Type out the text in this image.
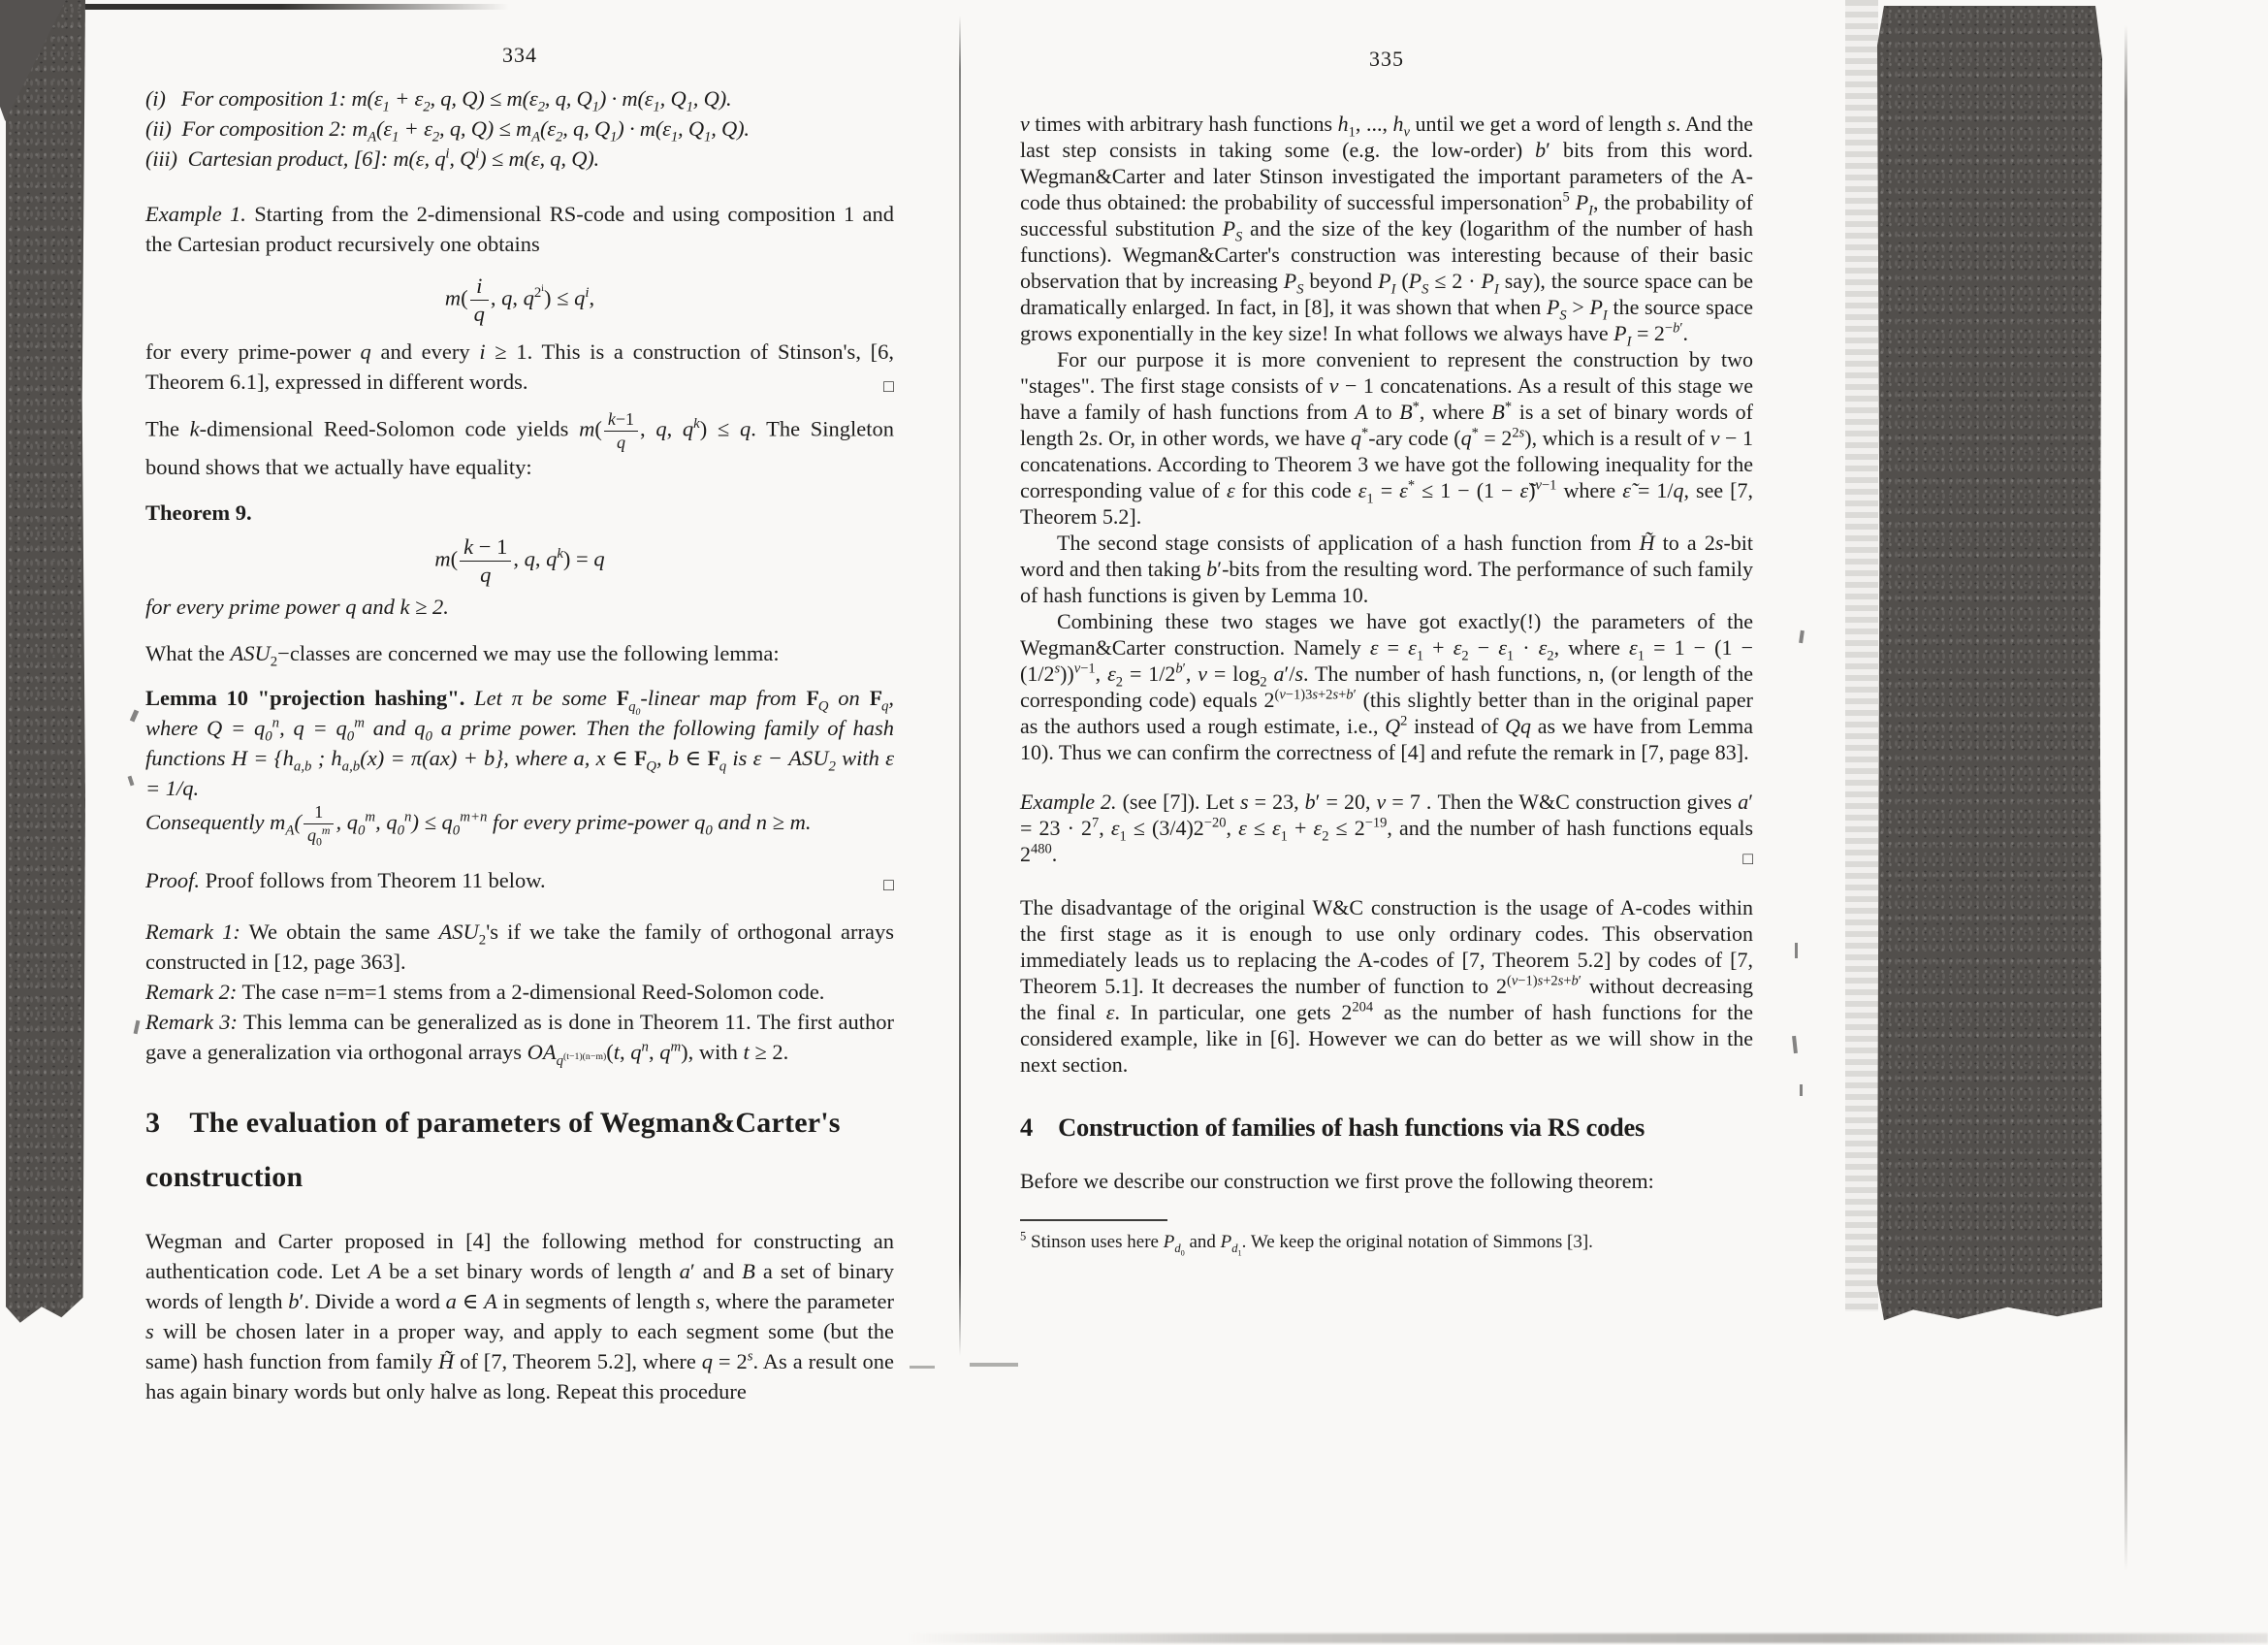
334	335
(i)   For composition 1: $m(\varepsilon_1 + \varepsilon_2$, q, $Q) \le m(\varepsilon_2$, q, $Q_1) \cdot m(\varepsilon_1$, $Q_1$, Q).
(ii)  For composition 2: $m_A(\varepsilon_1 + \varepsilon_2$, q, $Q) \le m_A(\varepsilon_2$, q, $Q_1) \cdot m(\varepsilon_1$, $Q_1$, Q).
(iii)  Cartesian product, [6]: m(ε, $q^i$, $Q^i) \le m(\varepsilon$, q, Q).
Example 1. Starting from the 2-dimensional RS-code and using composition 1 and the Cartesian product recursively one obtains
$m( \frac{i}{q}$ , q, $q^{2^i}) \le q^i$,
for every prime-power q and every i ≥ 1. This is a construction of Stinson's, [6, Theorem 6.1], expressed in different words.	□
The k-dimensional Reed-Solomon code yields $m( \frac{k-1}{q}$ , q, $q^k) \le q$. The Singleton bound shows that we actually have equality:
Theorem 9.
$m( \frac{k - 1}{q}$ , q, $q^k) = q$
for every prime power q and k ≥ 2.
What the $ASU_2-classes$ are concerned we may use the following lemma:
Lemma 10 "projection hashing". Let π be some $F_{q_0}$-linear map from $F_Q$ on $F_q$, where $Q = q_0^n$, $q = q_0^m$ and $q_0$ a prime power. Then the following family of hash functions $H = \{h_{a,b}$ ; $h_{a,b}(x) = \pi(ax) + b$}, where a, x ∈ $F_Q$, b ∈ $F_q$ is $\varepsilon - ASU_2$ with ε = 1/q.
Consequently $m_A( \frac{1}{q_0^m}$ , $q_0^m$, $q_0^n) \le q_0^{m+n}$ for every prime-power $q_0$ and n ≥ m.
Proof. Proof follows from Theorem 11 below.	□
Remark 1: We obtain the same $ASU_2's$ if we take the family of orthogonal arrays constructed in [12, page 363].
Remark 2: The case n=m=1 stems from a 2-dimensional Reed-Solomon code.
Remark 3: This lemma can be generalized as is done in Theorem 11. The first author gave a generalization via orthogonal arrays $OA_{q^{(t-1)(n-m)}}(t$, $q^n$, $q^m$), with t ≥ 2.
3 The evaluation of parameters of Wegman&Carter's
construction
Wegman and Carter proposed in [4] the following method for constructing an authentication code. Let A be a set binary words of length a′ and B a set of binary words of length b′. Divide a word a ∈ A in segments of length s, where the parameter s will be chosen later in a proper way, and apply to each segment some (but the same) hash function from family H̃ of [7, Theorem 5.2], where $q = 2^s$. As a result one has again binary words but only halve as long. Repeat this procedure
ν times with arbitrary hash functions $h_1$, ..., $h_\nu$ until we get a word of length s. And the last step consists in taking some (e.g. the low-order) b′ bits from this word. Wegman&Carter and later Stinson investigated the important parameters of the A-code thus obtained: the probability of successful impersonation$^5$ $P_I$, the probability of successful substitution $P_S$ and the size of the key (logarithm of the number of hash functions). Wegman&Carter's construction was interesting because of their basic observation that by increasing $P_S$ beyond $P_I$ ($P_S \le 2 \cdot P_I$ say), the source space can be dramatically enlarged. In fact, in [8], it was shown that when $P_S > P_I$ the source space grows exponentially in the key size! In what follows we always have $P_I = 2^{-b'}$.
For our purpose it is more convenient to represent the construction by two "stages". The first stage consists of ν − 1 concatenations. As a result of this stage we have a family of hash functions from A to B*, where B* is a set of binary words of length 2s. Or, in other words, we have q*-ary code $(q^* = 2^{2s})$, which is a result of ν − 1 concatenations. According to Theorem 3 we have got the following inequality for the corresponding value of ε for this code $\varepsilon_1 = \varepsilon^* \le 1 - (1$ − ε̃)$^{\nu-1}$ where ε̃ = 1/q, see [7, Theorem 5.2].
The second stage consists of application of a hash function from H̃ to a 2s-bit word and then taking b′-bits from the resulting word. The performance of such family of hash functions is given by Lemma 10.
Combining these two stages we have got exactly(!) the parameters of the Wegman&Carter construction. Namely $\varepsilon = \varepsilon_1 + \varepsilon_2 - \varepsilon_1 \cdot \varepsilon_2$, where $\varepsilon_1 = 1 - (1 - (1/2^s))^{\nu-1}$, $\varepsilon_2 = 1/2^{b'}$, $\nu = \log_2 a'/s$. The number of hash functions, n, (or length of the corresponding code) equals $2^{(\nu-1)3s+2s+b'}$ (this slightly better than in the original paper as the authors used a rough estimate, i.e., $Q^2$ instead of Qq as we have from Lemma 10). Thus we can confirm the correctness of [4] and refute the remark in [7, page 83].
Example 2. (see [7]). Let s = 23, b′ = 20, ν = 7 . Then the W&C construction gives $a' = 23 \cdot 2^7$, $\varepsilon_1 \le (3/4)2^{-20}$, $\varepsilon \le \varepsilon_1 + \varepsilon_2 \le 2^{-19}$, and the number of hash functions equals $2^{480}$.	□
The disadvantage of the original W&C construction is the usage of A-codes within the first stage as it is enough to use only ordinary codes. This observation immediately leads us to replacing the A-codes of [7, Theorem 5.2] by codes of [7, Theorem 5.1]. It decreases the number of function to $2^{(\nu-1)s+2s+b'}$ without decreasing the final ε. In particular, one gets $2^{204}$ as the number of hash functions for the considered example, like in [6]. However we can do better as we will show in the next section.
4 Construction of families of hash functions via RS codes
Before we describe our construction we first prove the following theorem:
$^5$ Stinson uses here $P_{d_0}$ and $P_{d_1}$. We keep the original notation of Simmons [3].
